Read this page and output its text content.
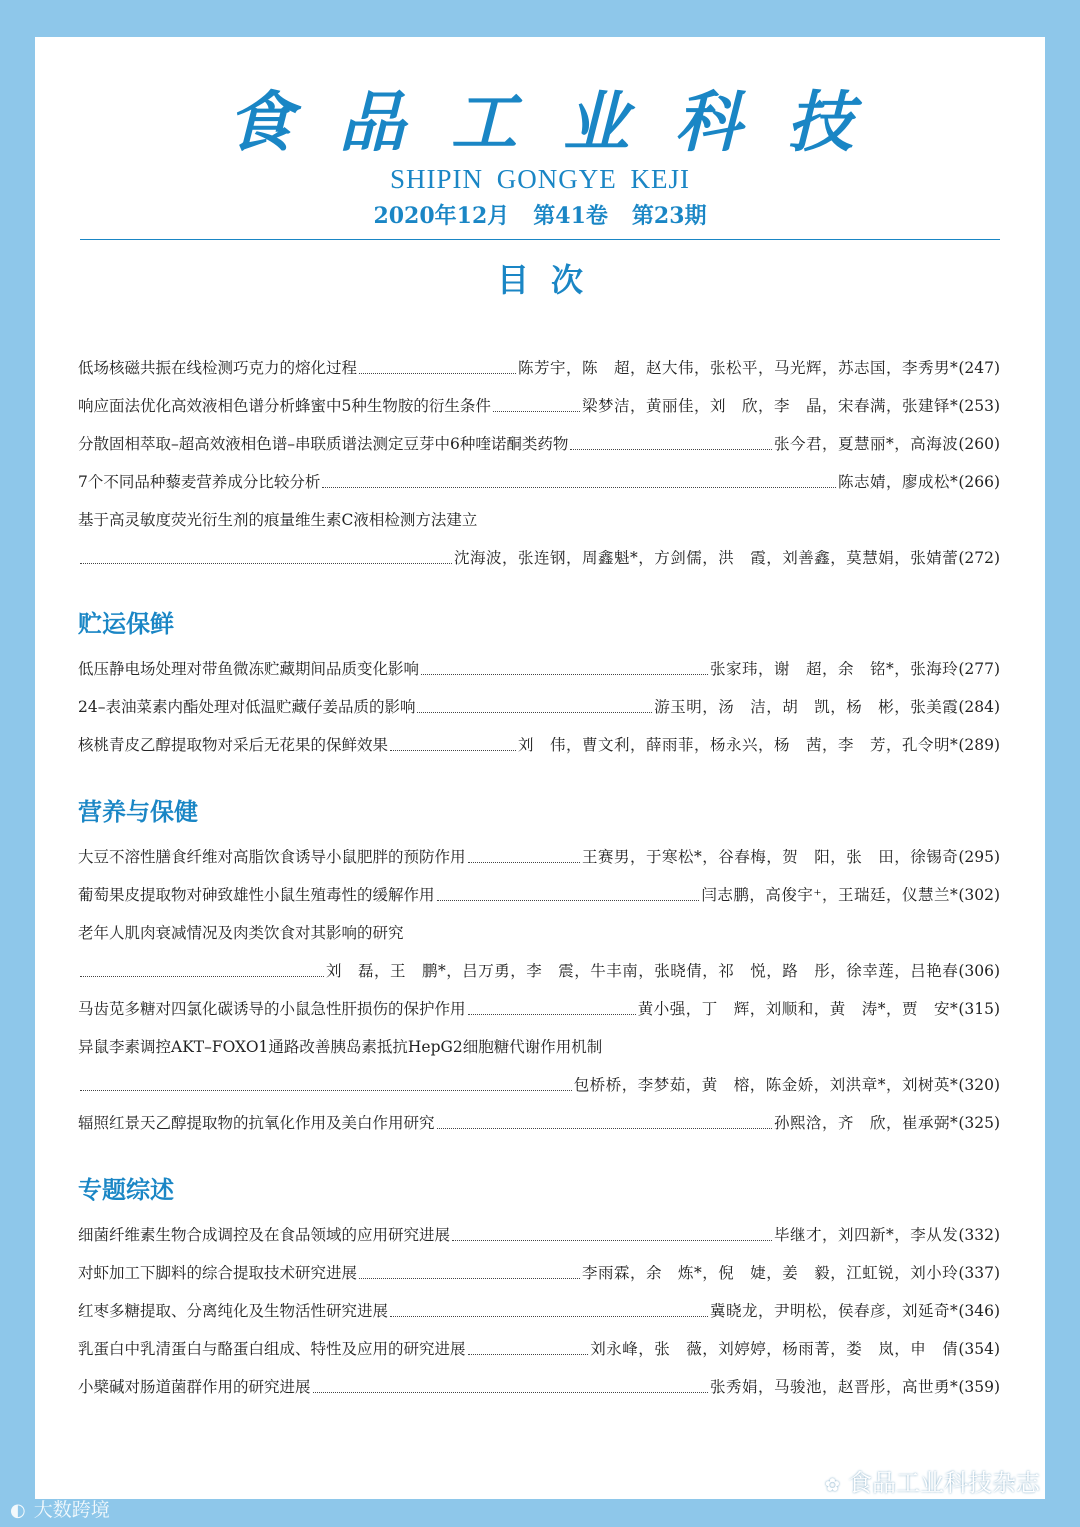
食品工业科技
SHIPIN GONGYE KEJI
2020年12月 第41卷 第23期
目次
低场核磁共振在线检测巧克力的熔化过程	陈芳宇，陈　超，赵大伟，张松平，马光辉，苏志国，李秀男* (247)
响应面法优化高效液相色谱分析蜂蜜中5种生物胺的衍生条件	梁梦洁，黄丽佳，刘　欣，李　晶，宋春满，张建铎* (253)
分散固相萃取–超高效液相色谱–串联质谱法测定豆芽中6种喹诺酮类药物	张今君，夏慧丽*，高海波 (260)
7个不同品种藜麦营养成分比较分析	陈志婧，廖成松* (266)
基于高灵敏度荧光衍生剂的痕量维生素C液相检测方法建立
沈海波，张连钢，周鑫魁*，方剑儒，洪　霞，刘善鑫，莫慧娟，张婧蕾 (272)
贮运保鲜
低压静电场处理对带鱼微冻贮藏期间品质变化影响	张家玮，谢　超，余　铭*，张海玲 (277)
24–表油菜素内酯处理对低温贮藏仔姜品质的影响	游玉明，汤　洁，胡　凯，杨　彬，张美霞 (284)
核桃青皮乙醇提取物对采后无花果的保鲜效果	刘　伟，曹文利，薛雨菲，杨永兴，杨　茜，李　芳，孔令明* (289)
营养与保健
大豆不溶性膳食纤维对高脂饮食诱导小鼠肥胖的预防作用	王赛男，于寒松*，谷春梅，贺　阳，张　田，徐锡奇 (295)
葡萄果皮提取物对砷致雄性小鼠生殖毒性的缓解作用	闫志鹏，高俊宇⁺，王瑞廷，仪慧兰* (302)
老年人肌肉衰减情况及肉类饮食对其影响的研究
刘　磊，王　鹏*，吕万勇，李　震，牛丰南，张晓倩，祁　悦，路　彤，徐幸莲，吕艳春 (306)
马齿苋多糖对四氯化碳诱导的小鼠急性肝损伤的保护作用	黄小强，丁　辉，刘顺和，黄　涛*，贾　安* (315)
异鼠李素调控AKT–FOXO1通路改善胰岛素抵抗HepG2细胞糖代谢作用机制
包桥桥，李梦茹，黄　榕，陈金娇，刘洪章*，刘树英* (320)
辐照红景天乙醇提取物的抗氧化作用及美白作用研究	孙熙浛，齐　欣，崔承弼* (325)
专题综述
细菌纤维素生物合成调控及在食品领域的应用研究进展	毕继才，刘四新*，李从发 (332)
对虾加工下脚料的综合提取技术研究进展	李雨霖，余　炼*，倪　婕，姜　毅，江虹锐，刘小玲 (337)
红枣多糖提取、分离纯化及生物活性研究进展	冀晓龙，尹明松，侯春彦，刘延奇* (346)
乳蛋白中乳清蛋白与酪蛋白组成、特性及应用的研究进展	刘永峰，张　薇，刘婷婷，杨雨菁，娄　岚，申　倩 (354)
小檗碱对肠道菌群作用的研究进展	张秀娟，马骏池，赵晋彤，高世勇* (359)
◐ 大数跨境
✿ 食品工业科技杂志
